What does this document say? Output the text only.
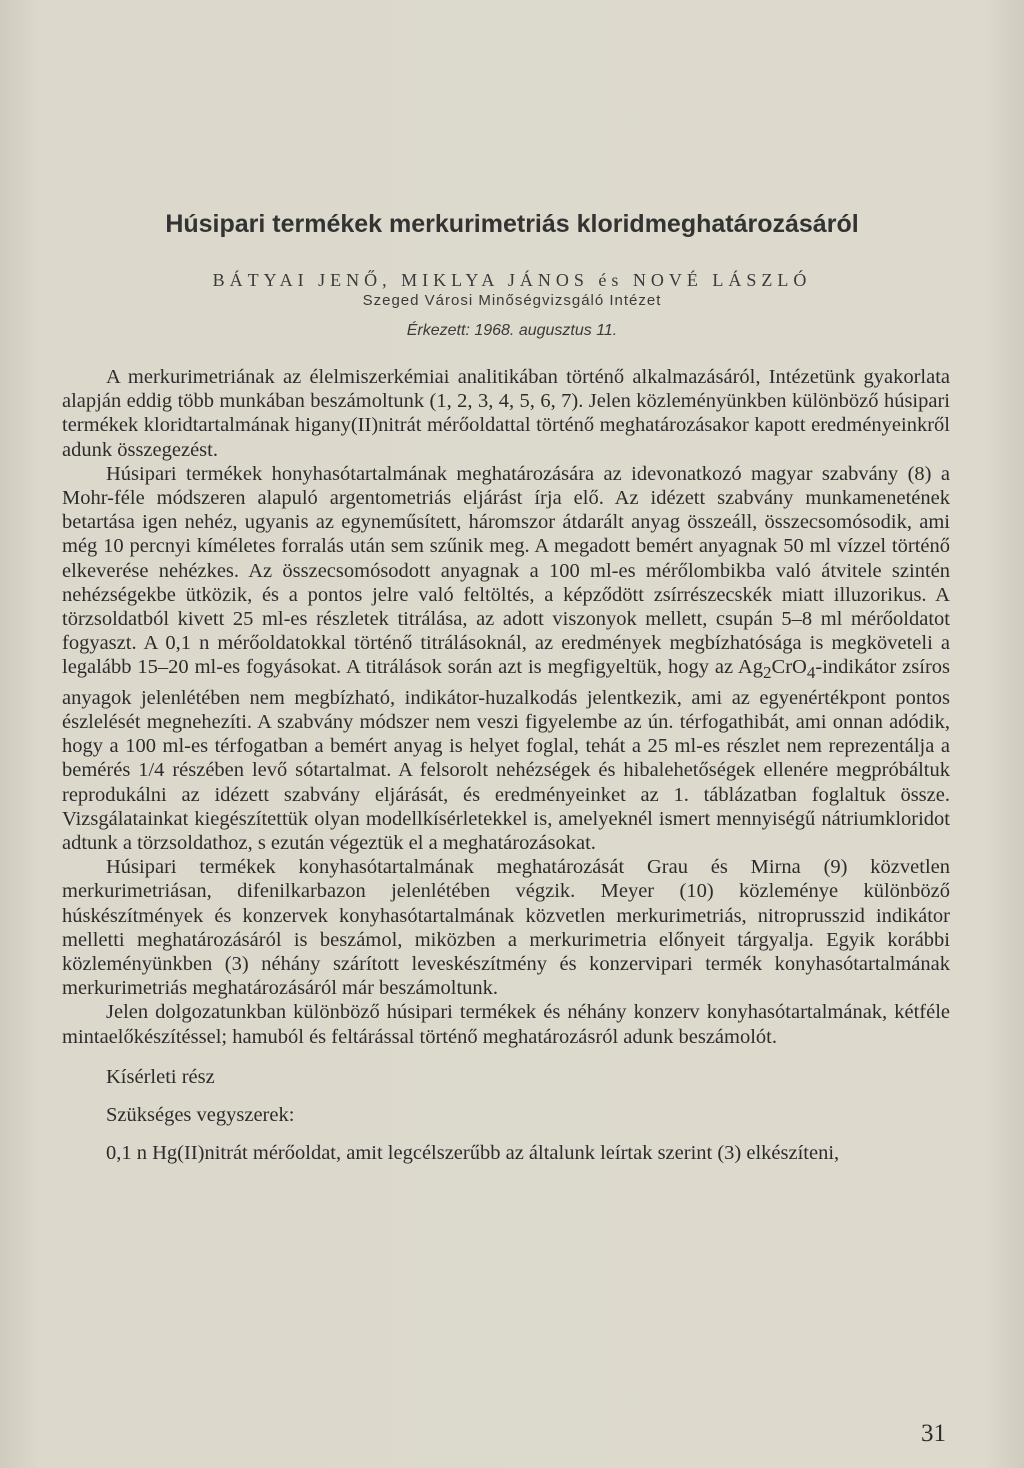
Húsipari termékek merkurimetriás kloridmeghatározásáról
BÁTYAI JENŐ, MIKLYA JÁNOS és NOVÉ LÁSZLÓ
Szeged Városi Minőségvizsgáló Intézet
Érkezett: 1968. augusztus 11.

A merkurimetriának az élelmiszerkémiai analitikában történő alkalmazásáról, Intézetünk gyakorlata alapján eddig több munkában beszámoltunk (1, 2, 3, 4, 5, 6, 7). Jelen közleményünkben különböző húsipari termékek kloridtartalmának higany(II)nitrát mérőoldattal történő meghatározásakor kapott eredményeinkről adunk összegezést.

Húsipari termékek honyhasótartalmának meghatározására az idevonatkozó magyar szabvány (8) a Mohr-féle módszeren alapuló argentometriás eljárást írja elő. Az idézett szabvány munkamenetének betartása igen nehéz, ugyanis az egyneműsített, háromszor átdarált anyag összeáll, összecsomósodik, ami még 10 percnyi kíméletes forralás után sem szűnik meg. A megadott bemért anyagnak 50 ml vízzel történő elkeverése nehézkes. Az összecsomósodott anyagnak a 100 ml-es mérőlombikba való átvitele szintén nehézségekbe ütközik, és a pontos jelre való feltöltés, a képződött zsírrészecskék miatt illuzorikus. A törzsoldatból kivett 25 ml-es részletek titrálása, az adott viszonyok mellett, csupán 5–8 ml mérőoldatot fogyaszt. A 0,1 n mérőoldatokkal történő titrálásoknál, az eredmények megbízhatósága is megköveteli a legalább 15–20 ml-es fogyásokat. A titrálások során azt is megfigyeltük, hogy az $Ag_2CrO_4$-indikátor zsíros anyagok jelenlétében nem megbízható, indikátor-huzalkodás jelentkezik, ami az egyenértékpont pontos észlelését megnehezíti. A szabvány módszer nem veszi figyelembe az ún. térfogathibát, ami onnan adódik, hogy a 100 ml-es térfogatban a bemért anyag is helyet foglal, tehát a 25 ml-es részlet nem reprezentálja a bemérés 1/4 részében levő sótartalmat. A felsorolt nehézségek és hibalehetőségek ellenére megpróbáltuk reprodukálni az idézett szabvány eljárását, és eredményeinket az 1. táblázatban foglaltuk össze. Vizsgálatainkat kiegészítettük olyan modellkísérletekkel is, amelyeknél ismert mennyiségű nátriumkloridot adtunk a törzsoldathoz, s ezután végeztük el a meghatározásokat.

Húsipari termékek konyhasótartalmának meghatározását Grau és Mirna (9) közvetlen merkurimetriásan, difenilkarbazon jelenlétében végzik. Meyer (10) közleménye különböző húskészítmények és konzervek konyhasótartalmának közvetlen merkurimetriás, nitroprusszid indikátor melletti meghatározásáról is beszámol, miközben a merkurimetria előnyeit tárgyalja. Egyik korábbi közleményünkben (3) néhány szárított leveskészítmény és konzervipari termék konyhasótartalmának merkurimetriás meghatározásáról már beszámoltunk.

Jelen dolgozatunkban különböző húsipari termékek és néhány konzerv konyhasótartalmának, kétféle mintaelőkészítéssel; hamuból és feltárással történő meghatározásról adunk beszámolót.

Kísérleti rész

Szükséges vegyszerek:

0,1 n Hg(II)nitrát mérőoldat, amit legcélszerűbb az általunk leírtak szerint (3) elkészíteni,

31
